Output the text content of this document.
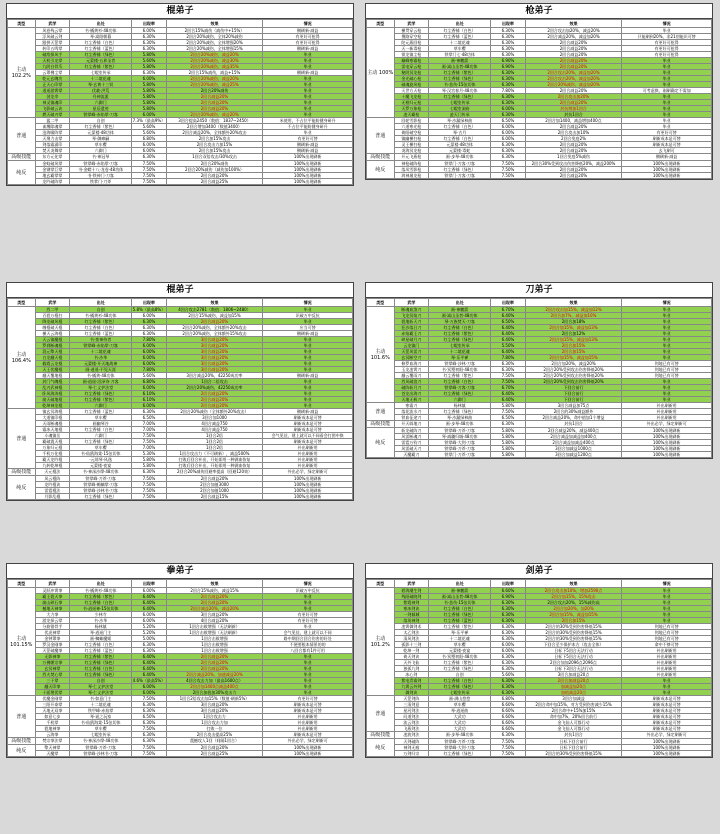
棍弟子
类型	武学	出处	出现率	效果	情况
主动 102.2%	风卷残云掌	书·橘黄衫·48功体	6.00%	2回合15%减伤（减伤中+15%）	侧刷新·减益
	浮风破云剑	琴·嵩阳朝暮	6.30%	2回合20%减伤，全体20%减伤	有更好可抢得
	跟拼天罡掌	红尘香铺（白色）	6.30%	2回合20%减伤，全体增强20%	有更好可抢得
	转印五鸣掌	红尘香铺（蓝色）	6.30%	2回合20%减伤，全体增强15%	侧刷新·减益
	破敌探风手	红尘香铺（绿色）	5.80%	2回合20%减伤，减益20%	毕业
	天机引龙掌	元蒙楼·五界圣者	5.60%	2回合20%减伤，减益30%	毕业
	九阴白骨爪	红尘香铺（紫色）	5.80%	2回合20%减伤，减益35%	毕业
	云罩拂尘掌	七暇室传承	6.30%	2回合15%减伤，减益+15%	侧刷新·减益
	乾元玄魄功	十二境花魂	6.00%	2回合20%减伤，减益20%	毕业
	正天心印掌	琴·玄黄十三钗	5.80%	2回合20%减伤，减益25%	毕业
	逍遥游霄掌	伏羲·洪荒	5.80%	2回合20%减伤	毕业
	劲龙伞	丹神流派	5.80%	2回合减益20%	毕业
	神灵镇魂印	六御门	5.80%	2回合减益20%	毕业
	飞影破云诀	星辰遗迹	5.80%	2回合减益20%	毕业
	燃天破刃掌	铁掌峰·赤焰掌·刀客	6.00%	2回合20%减伤，减益20%	毕业
普通	猛二甲	自创	7.3%（最高9%）	3回合提高2450（数值：1837~2450）	米使用，不占位平能防健身研升
	雀鹰除魂掌	红尘香铺（紫色）	5.60%	2回合增加3400（数值3400）	不占位平能防健身研升
	沧海啸阵掌	元蒙楼·48功体	5.60%	2回合减益20%，全体额外20%攻击	毕业
	天聚力击掌	琴·御瘴嗣	6.80%	2回合加15%攻击	有更好可替
	剑落霜涌印	草车樱	6.00%	2回合攻击力加15%	侧刷新·减益
	焚天炎舞掌	六御门	6.00%	2回合加15%攻击	侧刷新·减益
高级技能	东方元化掌	书·神冠琴	6.30%	1回合双倍攻击/30%攻击	100%出现刷新
纯反	金蛟破风掌	铁掌峰·赤焰掌·刀客	7.50%	2回合20%减伤	100%出现刷新
	金钢掌巨掌	书·金蟒十八·龙卷·48功体	7.50%	2回合20%减伤（减伤加100%）	100%出现刷新
	地玄霸掌掌	书·铁神门·刀客	7.50%	2回合减益20%	100%出现刷新
	龙吟破阵掌	铁掌门·刀斧	7.50%	2回合减益25%	100%出现刷新
枪弟子
类型	武学	出处	出现率	效果	情况
主动 100%	横贯穿云枪	红尘香铺（白色）	6.30%	2回合攻击加20%，减益20%	毕业
	搜路穿空枪	红尘香铺（蓝色）	6.30%	2回合减益20%，减益加20%	只能刷到20%，非21别能识可替
	陀元燕回枪	十二境花魂	6.30%	2回合减益20%	有更好可抢得
	天一新毒枪	草车樱	6.30%	2回合减益20%	有更好可抢得
	锁龙镇尘枪	铁掌门七·48功体	6.30%	2回合减益20%	有更好可抢得
	巅峰寒霜枪	画·神鹏箭	6.90%	2回合减益20%	毕业
	雷电穿云枪	画·嵩山圣者·48功体	6.90%	2回合减益20%	毕业
	秘阴冥龙枪	红尘香铺（紫色）	6.30%	2回合攻击20%，减益加20%	毕业
	金光破心枪	红尘香铺（绿色）	6.30%	2回合攻击20%，减益加20%	毕业
	破魂旋风枪	书·悲伤·15弦切体	6.30%	2回合20%减伤，减益加20%	毕业
	灭世方天枪	琴·汉宫春月·48功体	7.80%	2回合减益20%	可考虑换，刚刷确定不需加
	十魔飞龙枪	红尘香铺（绿色）	6.30%	2回合攻击加20%	毕业
	无相归元枪	七暇室传承	6.30%	2回合减益20%	毕业
	天罗万象枪	七暇室洞府	6.00%	封抗增加1回合	毕业
	凌天霸枪	凌天门传承	6.30%	封抗1回合	毕业
普通	回轮雪影枪	琴·沙漏绿林曲	6.50%	2回合加1400，减益增加400点	毕业
	六道寒光枪	红尘香铺（白色）	6.00%	2回合减益20%	毕业
	倚阳破空枪	琴·古月	6.00%	2回合攻击加10%	有更好可替
	镇幽横扫枪	红尘香铺（白色）	6.00%	2回合免疫2%	刷新成本是可替
	灵王横扫枪	元蒙楼·48功体	6.30%	2回合减益20%	刷新成本是可替
	炎海冥龙枪	元蒙楼·毒蛇	6.30%	2回合减益20%	去飞刷可
高级技能	开元飞燕枪	画·步琴·48功体	6.30%	1回合免疫5%减伤	侧刷新·减益
纯反	神枪破阵枪	铁掌门·刀客·刀客	7.50%	2回合30%受到攻击伤害降低20%，减益200%	100%出现刷新
	落凤雪影枪	红尘香铺（绿色）	7.50%	2回合减益20%	100%出现刷新
	鸿神屠龙枪	铁掌门·刀客·刀客	7.50%	2回合减益20%	100%出现刷新
棍弟子
类型	武学	出处	出现率	效果	情况
主动 106.4%	烈二甲	自创	5.8%（最高8%）	4回合攻击2781（数值：1806~2480）	毕业
	百裂万棍扫	书·橘黄衫·48功体	6.00%	2回合15%减伤，减益加15%	识破万中反抗
	降龙破风棍	红尘香铺（紫色）	6.30%	2回合减益20%	毕业
	缠棍破天棍	红尘香铺（白色）	6.30%	2回合20%减伤，全体额外20%攻击	应当可替
	横天云海棍	红尘香铺（蓝色）	6.30%	2回合20%减伤，全体额外15%攻击	侧刷新·减益
	天云镇魔棍	书·蛮神侍者	7.80%	3回合减益20%	毕业
	罗刹断魂棍	铁掌峰·赤焰掌·刀客	6.00%	3回合减益20%	毕业
	混元擎天棍	十二境花魂	6.00%	3回合减益20%	毕业
	白龙翻天棍	书·沙华	6.00%	3回合减益20%	毕业
	截霞云龙棍	元蒙楼·开天地战神	6.00%	3回合减益20%	毕业
	天王伏魔棍	画·逍遥·不见天涯	7.80%	3回合减益20%	毕业
	翻天覆地棍	书·橘黄·48功体	5.60%	3回合减益20%，42250成功率	侧刷新·减益
	封门气魄棍	画·逍遥·沼泽诗·刀客	6.80%	1回合二倍攻击	毕业
	乱刃武神棍	琴·仁义护法堂	6.00%	2回合20%减伤，42250成功率	毕业
	卧风海涛棍	红尘香铺（绿色）	6.10%	2回合减益20%	毕业
	崩天破地棍	红尘香铺（紫色）	6.10%	2回合减益20%	毕业
	乾坤神龙棍	六御门	6.00%	2回合减益20%	毕业
普通	镇玄冥海棍	红尘香铺（蓝色）	6.30%	2回合20%减伤（全体额外20%攻击）	侧刷新·减益
	大道镇印棍	草车樱	6.50%	3回合加1000	刷新成本是可替
	天雨断魂棍	画幽琴谷	7.00%	4回合减益750	刷新成本是可替
	霜冰天地棍	红尘香铺（白色）	7.00%	4回合减益750	刷新成本是可替
	斗魂镇岳	六御门	7.50%	1回合2倍	会气见佳，建上就可以不同看会打图中换
	霸破震天棍	红尘香铺（绿色）	7.50%	1回合2倍	刷新成本是可替
	万象归元棍	草车樱	7.00%	1回合2倍	补出刷新用
	千机万化棍	书·仙鸥海棠·15弦切体	5.30%	1回合攻击力（不可刷新），减益500%	补出刷新用
	霸天龙吟棍	·元琼琴·风逸	5.80%	打败后回合补出，开始即用一种满血恢复	补出刷新用
	九转乾坤棍	元蒙楼·夜宴	5.80%	打败后回合补出，开始即用一种满血恢复	补出刷新用
高级技能	天元棍法	书·神深沙摩·48功体	6.30%	2回合20%减伤回避率提高（回避120效）	外出必学，绿定刷新可
纯反	风云棍阵	铁掌峰·刀斧·刀客	7.50%	2回合减益20%	100%出现刷新
	龙吟棍诀	铁掌峰·蝎螭掌·刀客	7.50%	2回合加值3000	100%出现刷新
	雷霆棍法	铁掌峰·沙林书·刀客	7.50%	2回合加值1000	100%出现刷新
	月影乱棍	红尘香铺（绿色）	7.50%	2回合减益15%	100%出现刷新
刀弟子
类型	武学	出处	出现率	效果	情况
主动 101.6%	断魂血煞刀	画·神鹏箭	6.70%	2回合攻击加15%，减益加12%	毕业
	飞龙冥焰刀	画·嵩山圣者·48功体	6.40%	2回合加7%，减益加10%	毕业
	裂地斩天刀	琴·万族焚天·刀客	6.50%	2回合加18%	毕业
	狂沙落日刀	红尘香铺（白色）	6.40%	2回合加15%，减益加13%	毕业
	赤焰霸王刀	红尘香铺（紫色）	6.40%	2回合加12%	毕业
	碎星破月刀	红尘香铺（绿色）	6.40%	2回合加15%，减益加13%	毕业
	云龙镇门	七暇室传承	5.50%	2回合加15%	毕业
	天罡风雷刀	十二境花魂	6.40%	2回合加15%	毕业
	玄冥断空刀	琴·乐平禅	7.80%	2回合加15%，减益加15%	毕业
	修罗血海刀	铁掌峰·沙林·刀客	6.30%	2回合加20%，减益20%	剑地已有可替
	玉龙凌霄刀	书·冥塑初阳·48功体	6.30%	2回合20%受到攻击伤害降低20%	剑地已有可替
	翻云覆雨刀	红尘香铺（紫色）	7.50%	2回合20%受到攻击伤害降低20%	剑地已有可替
	烈风破浪刀	红尘香铺（白色）	7.50%	2回合20%受到攻击伤害降低20%	毕业
	破阵斩月刀	铁掌峰·刀客·刀客	6.70%	下回合前行	毕业
	苍龙出海刀	红尘香铺（绿色）	6.40%	下回合前行	毕业
	天地无极刀	六御门	6.40%	下回合前行	毕业
普通	寒霜刀	杨林镇	5.80%	3回合减益加75点	补出刷新用
	落花流水刀	红尘香铺（绿色）	7.50%	2回合的30%减益额外	补出刷新用
	铁血征途刀	琴·沙漏绿林曲	6.50%	2回合减益20%，命中值加1个增益	补出刷新用
高级技能	开天辟地刀	画·步琴·48功体	6.30%	封抗1回合	外出必学，绿定刷新可
纯反	斩龙破阵刀	铁掌峰·刀斧·刀客	5.80%	2回合减益20%，减益400点	100%出现刷新
	风雷断魂刀	琴·减疆归城·48功体	5.80%	2回合减益加减益加400点	100%出现刷新
	雷霆万钧刀	铁掌峰·大剑·刀客	5.80%	2回合减益加减益400点	100%出现刷新
	风雷破天刀	铁掌峰·刀斧·刀客	5.80%	3回合加减益1000点	100%出现刷新
	天魔霸刀	铁掌门·刀斧·刀客	5.80%	3回合加减益1200点	100%出现刷新
拳弟子
类型	武学	出处	出现率	效果	情况
主动 101.15%	灵跃冲霄拳	书·橘黄衫·48功体	6.00%	2回合15%减伤，减益15%	识破万中反抗
	霸王裂天拳	红尘香铺（紫色）	6.40%	2回合减益20%	毕业
	崩山碎石拳	红尘香铺（白色）	6.40%	2回合减益20%	毕业
	撼地天神拳	书·逍遥神·15弦切体	6.40%	2回合减益20%，减益20%	毕业
	大力拳	少林寺	6.00%	3回合减益20%	有更好可替
	游龙探云掌	书·沙华	6.00%	4回合减益20%	有更好可替
	分筋错骨手	杨林镇	5.20%	1回合击败增强（无法刷新）	毕业
	伏虎神掌	琴·逍遥门主	5.20%	1回合击败增强（无法刷新）	会气见佳，建上就可以不同
	金钟罩拳	画·蜘蛛魔姬	5.00%	1回合击败增强	路中期回合回合伤害的好处
	罗汉金刚拳	红尘香铺（白色）	6.30%	1回合击败增强	不便要根本情景的的
	天罡破魔拳	红尘香铺（蓝色）	6.30%	1回合击败增强	八回合都有1件可用
	无影神拳	红尘香铺（紫色）	6.40%	2回合减益20%	毕业
	万佛朝宗拳	红尘香铺（绿色）	6.40%	2回合减益20%	毕业
	玄冥神掌	红尘香铺（白色）	6.40%	2回合减益20%	毕业
	烈火焚心掌	红尘香铺（绿色）	6.40%	2回合减益20%，加速减益20%	毕业
	三干掌	自创	4.6%（最高5%）	4回合攻击力加（最高1600点）	毕业
	翻天印拳	琴·仁义护法堂	6.00%	2回合加1400点减益400点	毕业
	十面埋伏掌	琴·仁义护法堂	6.00%	2回合加值加30%攻击力	毕业
普通	伏魔金刚掌	书·如意门主	7.50%	1回合2倍攻击加15%（数值·刷新5%）	有更好可替
	三阳开泰掌	十二境花魂	6.30%	3回合减益20%	刷新成本是可替
	天地无双拳	铁甲峰·赤焰掌	6.30%	3回合减益20%	刷新成本是可替
	如意七步	琴·谜之玩家	6.50%	1回合攻击力	补出刷新用
	千机掌	书·仙鸥海棠·15弦切体	6.30%	1回合攻击力加	补出刷新用
	裂地神拳	草车樱	7.50%	打败一位	补出刷新用
	云海拳	七暇室传承	6.30%	2回合攻击提高25%	刷新成本是可替
高级技能	梵宗拳法掌	书·神深沙摩·48功体	6.30%	震撼攻入1回（间隔1回合）	外出必学，绿定刷新可
纯反	擎天神掌	铁掌峰·刀斧·刀客	7.50%	2回合减益20%	100%出现刷新
	天魔掌	铁掌峰·沙林书·刀客	7.50%	2回合减益25%	100%出现刷新
剑弟子
类型	武学	出处	出现率	效果	情况
主动 101.2%	碧海潮生剑	画·神鹏箭	6.60%	2回合攻击加10%，增加2590点	毕业
	残阳破晓剑	画·嵩山圣者·48功体	6.90%	2回合加15%，15%攻击	毕业
	紫霞神剑	书·悲伤·15弦切体	6.30%	2回合攻击20%，15%减伤高	毕业
	寒冰剑诀	红尘香铺（白色）	6.30%	2回合加20%，加20%	毕业
	一剑倾城	红尘香铺（绿色）	6.30%	2回合加15%，减益加15%	毕业
	落英神剑	红尘香铺（蓝色）	6.30%	2回合加15%	毕业
	凌霄御剑术	红尘香铺（紫色）	6.30%	2回合的30%受到伤害降低15%	剑地已有可替
	太乙剑法	琴·乐平禅	6.30%	2回合的30%受到伤害降低15%	剑地已有可替
	清风剑法	十二境花魂	6.30%	2回合的30%受到伤害降低15%	剑地已有可替
	孤影十三剑	草车樱	6.00%	下回合至少保护本方（攻击全体）	命中不够可替
	乾坤一剑	元蒙楼·夜宴	6.00%	日标下5回合无法行动	补出刷新用
	倚天剑诀	书·冥塑初阳·48功体	6.30%	日标下5回合无法行动	补出刷新用
	天外飞仙	红尘香铺（紫色）	6.30%	2回合加加2096点2096点	补出刷新用
	独孤九剑	红尘香铺（绿色）	6.30%	日标下3回合无法行动	补出刷新用
	冰心剑	自创	5.60%	3回合加减益20点	补出刷新用
	紫电青霜剑	红尘香铺（白色）	6.30%	2回合加减益20点	毕业
	九霄云外剑	红尘香铺（绿色）	6.30%	加减益加20点	毕业
	御剑诀	七暇室传承	6.30%	加值减益20点	毕业
普通	天罡剑阵	画·满山悠悠	6.80%	3回合加减益	刷新成本是可替
	三清剑意	草车樱	6.60%	2回合命中加15%，对方受到伤害减少15%	刷新成本是可替
	星河剑法	琴·逍遥曲	6.60%	2回合命中+15%加15%	刷新成本是可替
	问道剑法	大武功	6.60%	命中加7%，20%回合前行	刷新成本是可替
	流云剑法	大武功	6.60%	金飞仙人可都行动	刷新成本是可替
	飞燕剑法	大武功	6.60%	金飞仙人可都行动	刷新成本是可替
高级技能	凌波剑法	画·步琴·48功体	6.30%	封抗1回合	外出必学，绿定刷新可
纯反	天剑破阵	铁掌峰·刀斧·刀客	7.50%	日标下回合前行	100%出现刷新
	神剑无痕	铁掌峰·大剑·刀客	7.50%	日标下回合前行	100%出现刷新
	万剑归宗	红尘香铺（绿色）	7.50%	2回合的30%受到伤害降低15%	100%出现刷新
